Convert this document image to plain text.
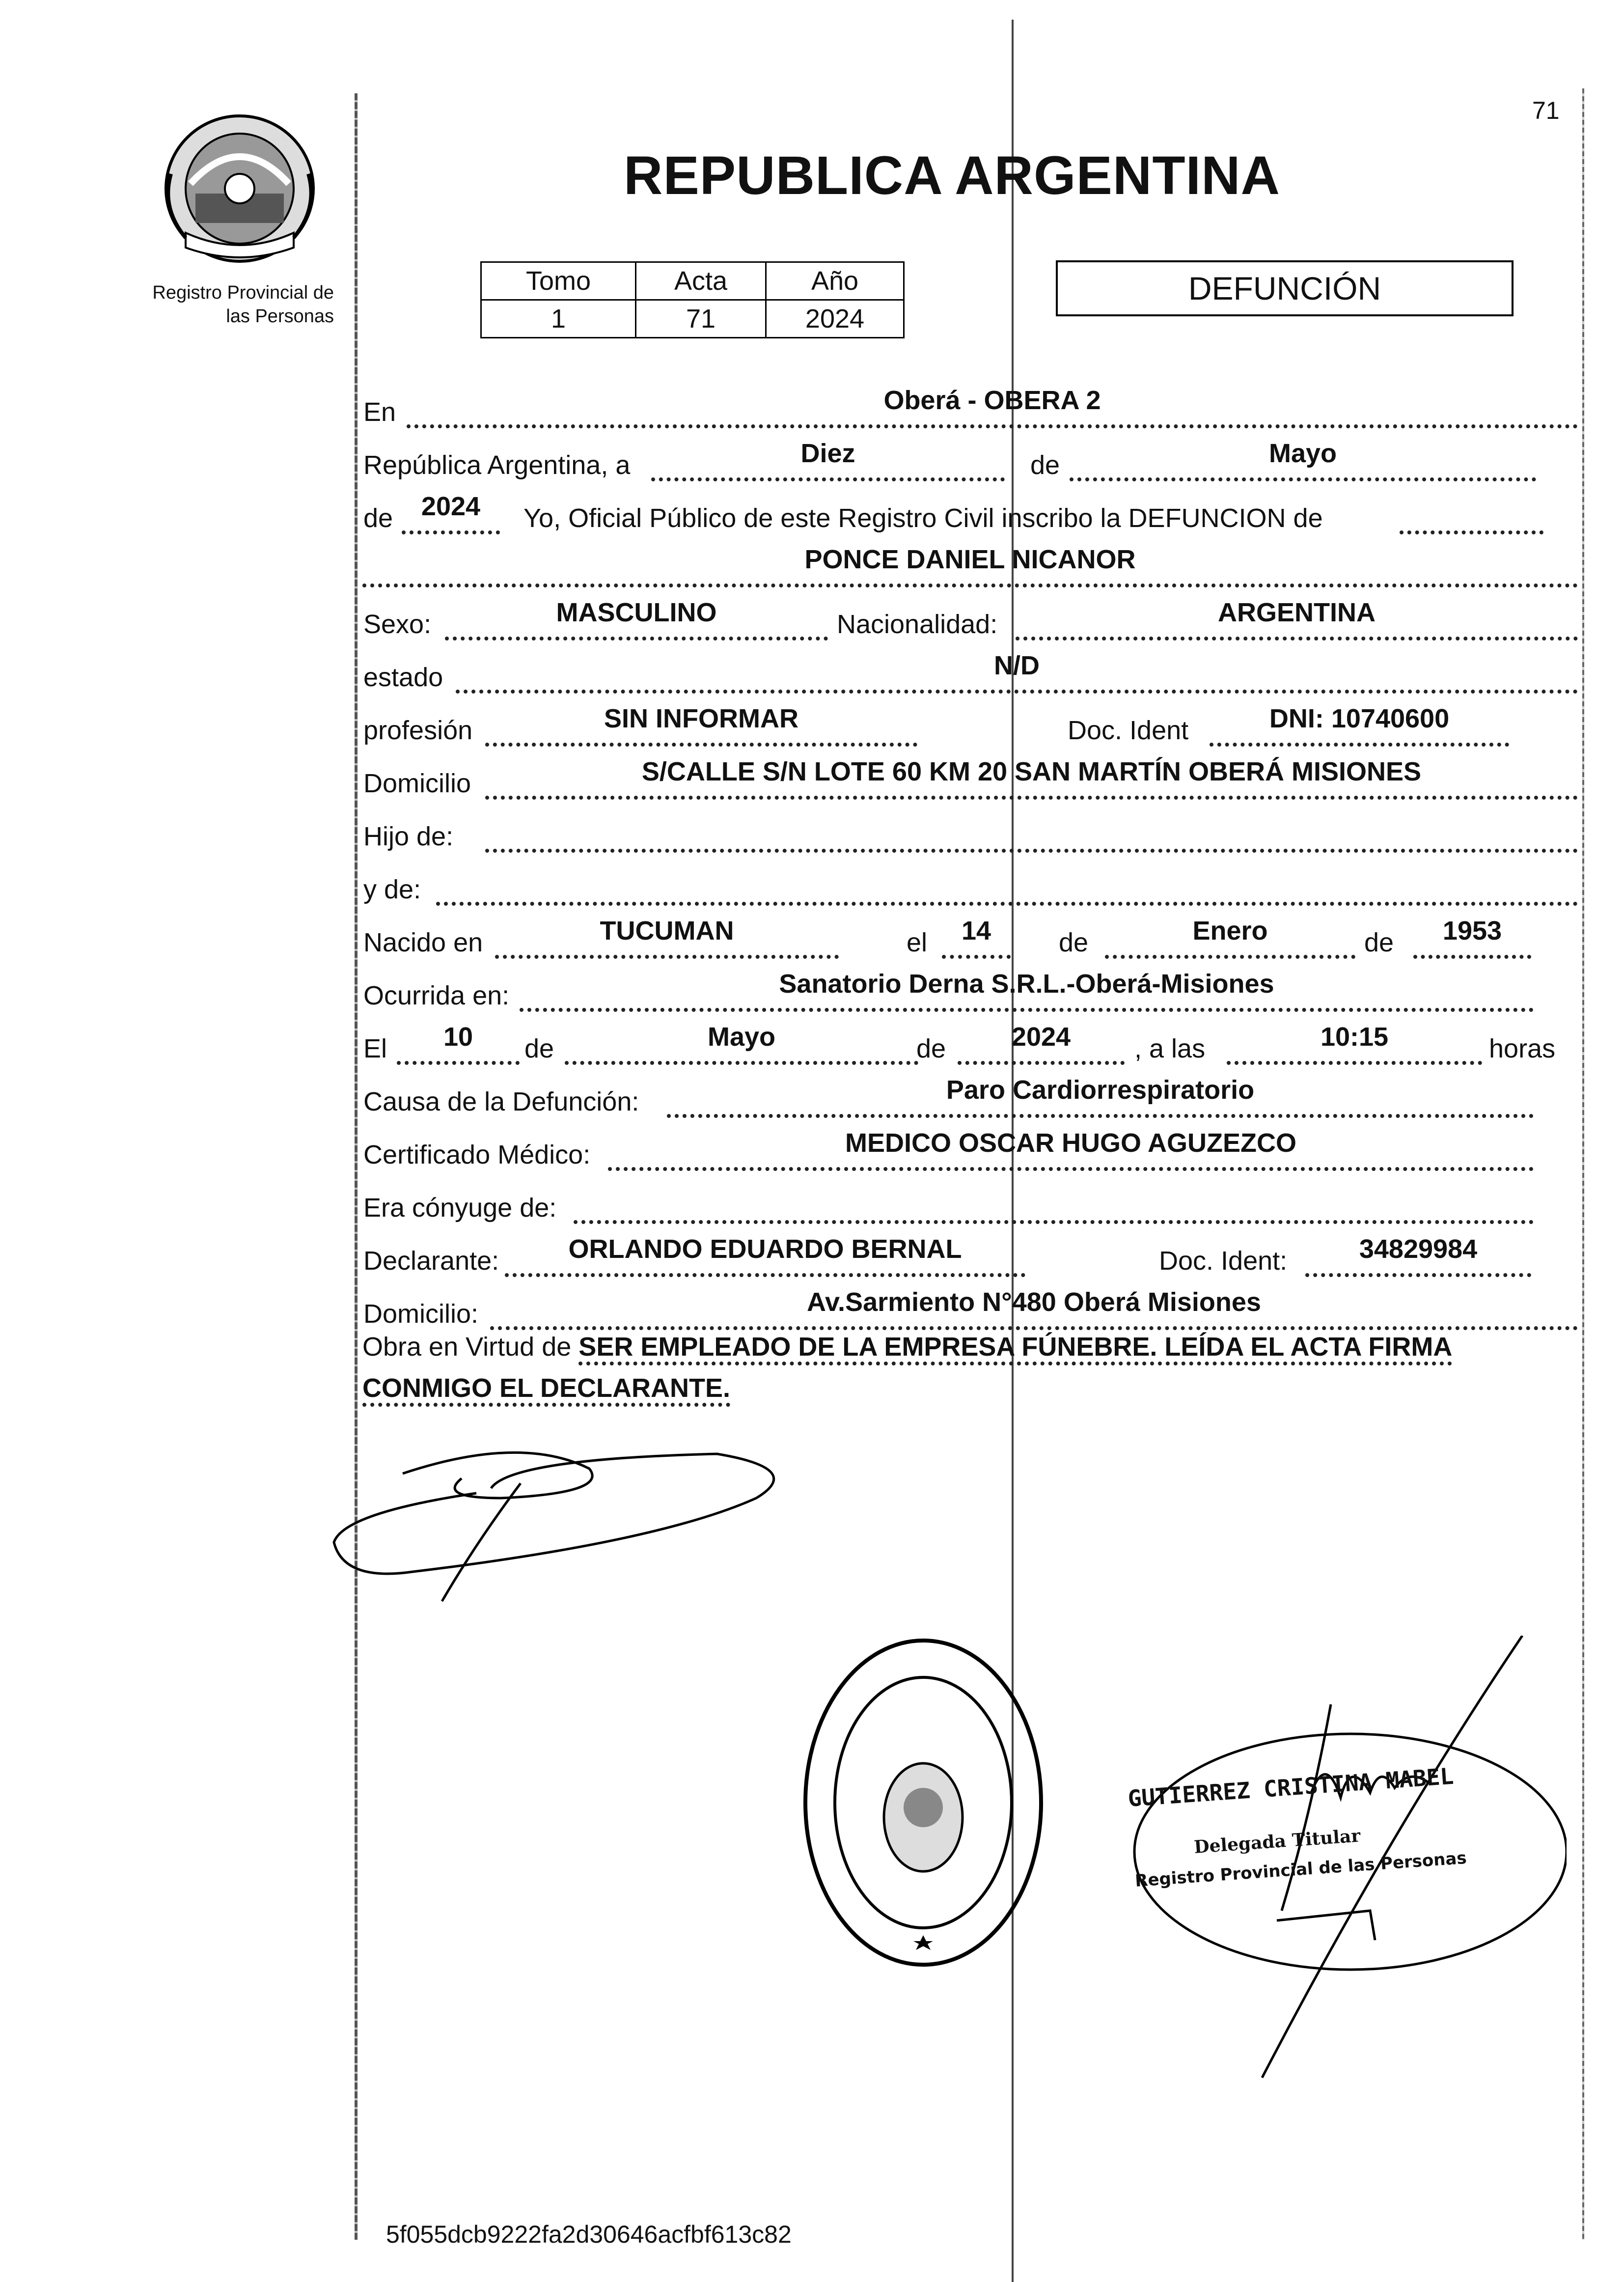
71
Registro Provincial de
las Personas
REPUBLICA ARGENTINA
Tomo	Acta	Año
1	71	2024
DEFUNCIÓN
En	Oberá - OBERA 2
República Argentina, a	Diez	de	Mayo
de	2024	Yo, Oficial Público de este Registro Civil inscribo la DEFUNCION de
PONCE DANIEL NICANOR
Sexo:	MASCULINO	Nacionalidad:	ARGENTINA
estado	N/D
profesión	SIN INFORMAR	Doc. Ident	DNI: 10740600
Domicilio	S/CALLE S/N LOTE 60 KM 20 SAN MARTÍN OBERÁ MISIONES
Hijo de:
y de:
Nacido en	TUCUMAN	el	14	de	Enero	de	1953
Ocurrida en:	Sanatorio Derna S.R.L.-Oberá-Misiones
El	10	de	Mayo	de	2024	, a las	10:15	horas
Causa de la Defunción:	Paro Cardiorrespiratorio
Certificado Médico:	MEDICO OSCAR HUGO AGUZEZCO
Era cónyuge de:
Declarante:	ORLANDO EDUARDO BERNAL	Doc. Ident:	34829984
Domicilio:	Av.Sarmiento N°480 Oberá Misiones
Obra en Virtud de SER EMPLEADO DE LA EMPRESA FÚNEBRE. LEÍDA EL ACTA FIRMA CONMIGO EL DECLARANTE.
GUTIERREZ CRISTINA MABEL
Delegada Titular
Registro Provincial de las Personas
5f055dcb9222fa2d30646acfbf613c82
